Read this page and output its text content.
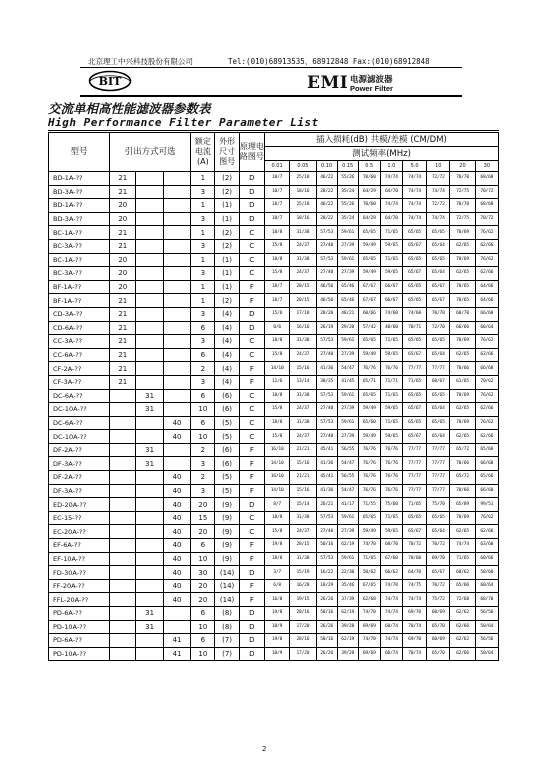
北京理工中兴科技股份有限公司	Tel:(010)68913535、68912848 Fax:(010)68912848
BIT	EMI 电源滤波器
Power Filter
交流单相高性能滤波器参数表
High Performance Filter Parameter List
型号	引出方式可选			额定电流(A)	外形尺寸图号	原理电路图号	插入损耗(dB) 共模/差模 (CM/DM)									
							测试频率(MHz)									
							0.01	0.05	0.10	0.15	0.5	1.0	5.0	10	20	30
BD-1A-??	21			1	(2)	D	18/7	25/18	46/22	55/26	70/60	74/74	74/74	72/72	70/70	68/68
BD-3A-??	21			3	(2)	D	10/7	18/16	28/22	35/24	64/29	64/70	74/74	74/74	72/75	70/72
BD-1A-??	20			1	(1)	D	18/7	25/18	46/22	55/26	70/60	74/74	74/74	72/72	70/70	68/68
BD-3A-??	20			3	(1)	D	10/7	18/16	28/22	35/24	64/29	64/70	74/74	74/74	72/75	70/72
BC-1A-??	21			1	(2)	C	18/8	31/38	57/53	59/61	65/65	71/65	65/65	65/65	70/69	76/62
BC-3A-??	21			3	(2)	C	15/8	24/37	27/40	27/39	59/49	59/65	65/67	65/64	62/65	62/66
BC-1A-??	20			1	(1)	C	18/8	31/38	57/53	59/61	65/65	71/65	65/65	65/65	70/69	76/62
BC-3A-??	20			3	(1)	C	15/8	24/37	27/40	27/39	59/49	59/65	65/67	65/64	62/65	62/66
BF-1A-??	20			1	(1)	F	18/7	20/15	46/56	65/46	67/67	66/67	65/65	65/67	70/65	64/66
BF-1A-??	21			1	(2)	F	18/7	20/15	46/56	65/46	67/67	66/67	65/65	65/67	70/65	64/66
CD-3A-??	21			3	(4)	D	15/6	17/18	28/20	48/21	60/66	74/60	74/68	70/70	60/70	66/60
CD-6A-??	21			6	(4)	D	8/6	16/16	26/19	29/20	57/42	48/60	70/71	72/70	66/66	60/64
CC-3A-??	21			3	(4)	C	18/8	31/38	57/53	59/61	65/65	71/65	65/65	65/65	70/69	76/62
CC-6A-??	21			6	(4)	C	15/8	24/37	27/40	27/39	59/49	59/65	65/67	65/64	62/65	62/66
CF-2A-??	21			2	(4)	F	14/10	15/16	41/36	54/47	76/76	76/76	77/77	77/77	70/66	66/68
CF-3A-??	21			3	(4)	F	11/6	13/14	30/35	41/45	65/71	71/71	71/65	68/67	61/65	70/62
DC-6A-??		31		6	(6)	C	18/8	31/38	57/53	59/61	65/65	71/65	65/65	65/65	70/69	76/62
DC-10A-??		31		10	(6)	C	15/8	24/37	27/40	27/39	59/49	59/65	65/67	65/64	62/65	62/66
DC-6A-??			40	6	(5)	C	18/8	31/38	57/53	59/61	65/60	71/65	65/65	65/65	70/69	76/62
DC-10A-??			40	10	(5)	C	15/8	24/37	27/40	27/39	59/49	59/65	65/67	65/64	62/65	62/66
DF-2A-??		31		2	(6)	F	16/10	21/21	45/41	56/55	76/76	76/76	77/77	77/77	65/72	65/66
DF-3A-??		31		3	(6)	F	14/10	15/16	41/36	54/47	76/76	76/76	77/77	77/77	70/66	66/60
DF-2A-??			40	2	(5)	F	16/10	21/21	45/41	56/55	76/76	76/76	77/77	77/77	65/72	65/66
DF-3A-??			40	3	(5)	F	14/10	15/16	41/36	54/47	76/76	76/76	77/77	77/77	70/66	66/60
ED-20A-??			40	20	(9)	D	8/7	15/14	26/21	41/17	71/55	75/60	71/65	75/70	65/89	99/51
EC-15-??			40	15	(9)	C	18/8	31/38	57/53	59/61	65/65	71/65	65/65	65/65	70/69	76/62
EC-20A-??			40	20	(9)	C	15/8	24/37	27/40	27/39	59/49	59/65	65/67	65/64	62/65	62/66
EF-6A-??			40	6	(9)	F	19/8	28/15	50/16	62/19	74/70	68/70	70/72	70/72	74/74	63/60
EF-10A-??			40	10	(9)	F	18/8	31/38	57/53	59/61	71/65	67/60	70/68	69/70	71/65	60/66
FD-30A-??			40	30	(14)	D	3/7	15/19	16/22	22/30	50/62	66/62	64/70	65/67	60/62	58/60
FF-20A-??			40	20	(14)	F	6/8	16/28	18/29	35/46	67/65	74/70	74/75	70/72	65/66	60/64
FFL-20A-??			40	20	(14)	F	16/8	19/15	26/26	37/39	62/68	74/74	74/74	75/72	72/68	68/70
PD-6A-??		31		6	(8)	D	19/8	28/16	50/16	62/19	74/70	74/74	69/70	60/69	62/62	56/56
PD-10A-??		31		10	(8)	D	10/9	17/20	26/26	39/28	69/69	60/74	70/74	65/70	62/66	50/64
PD-6A-??			41	6	(7)	D	19/8	28/16	50/16	62/19	74/70	74/74	69/70	60/69	62/62	56/56
PD-10A-??			41	10	(7)	D	10/9	17/20	26/26	39/28	69/69	60/74	70/74	65/70	62/66	50/64
2
